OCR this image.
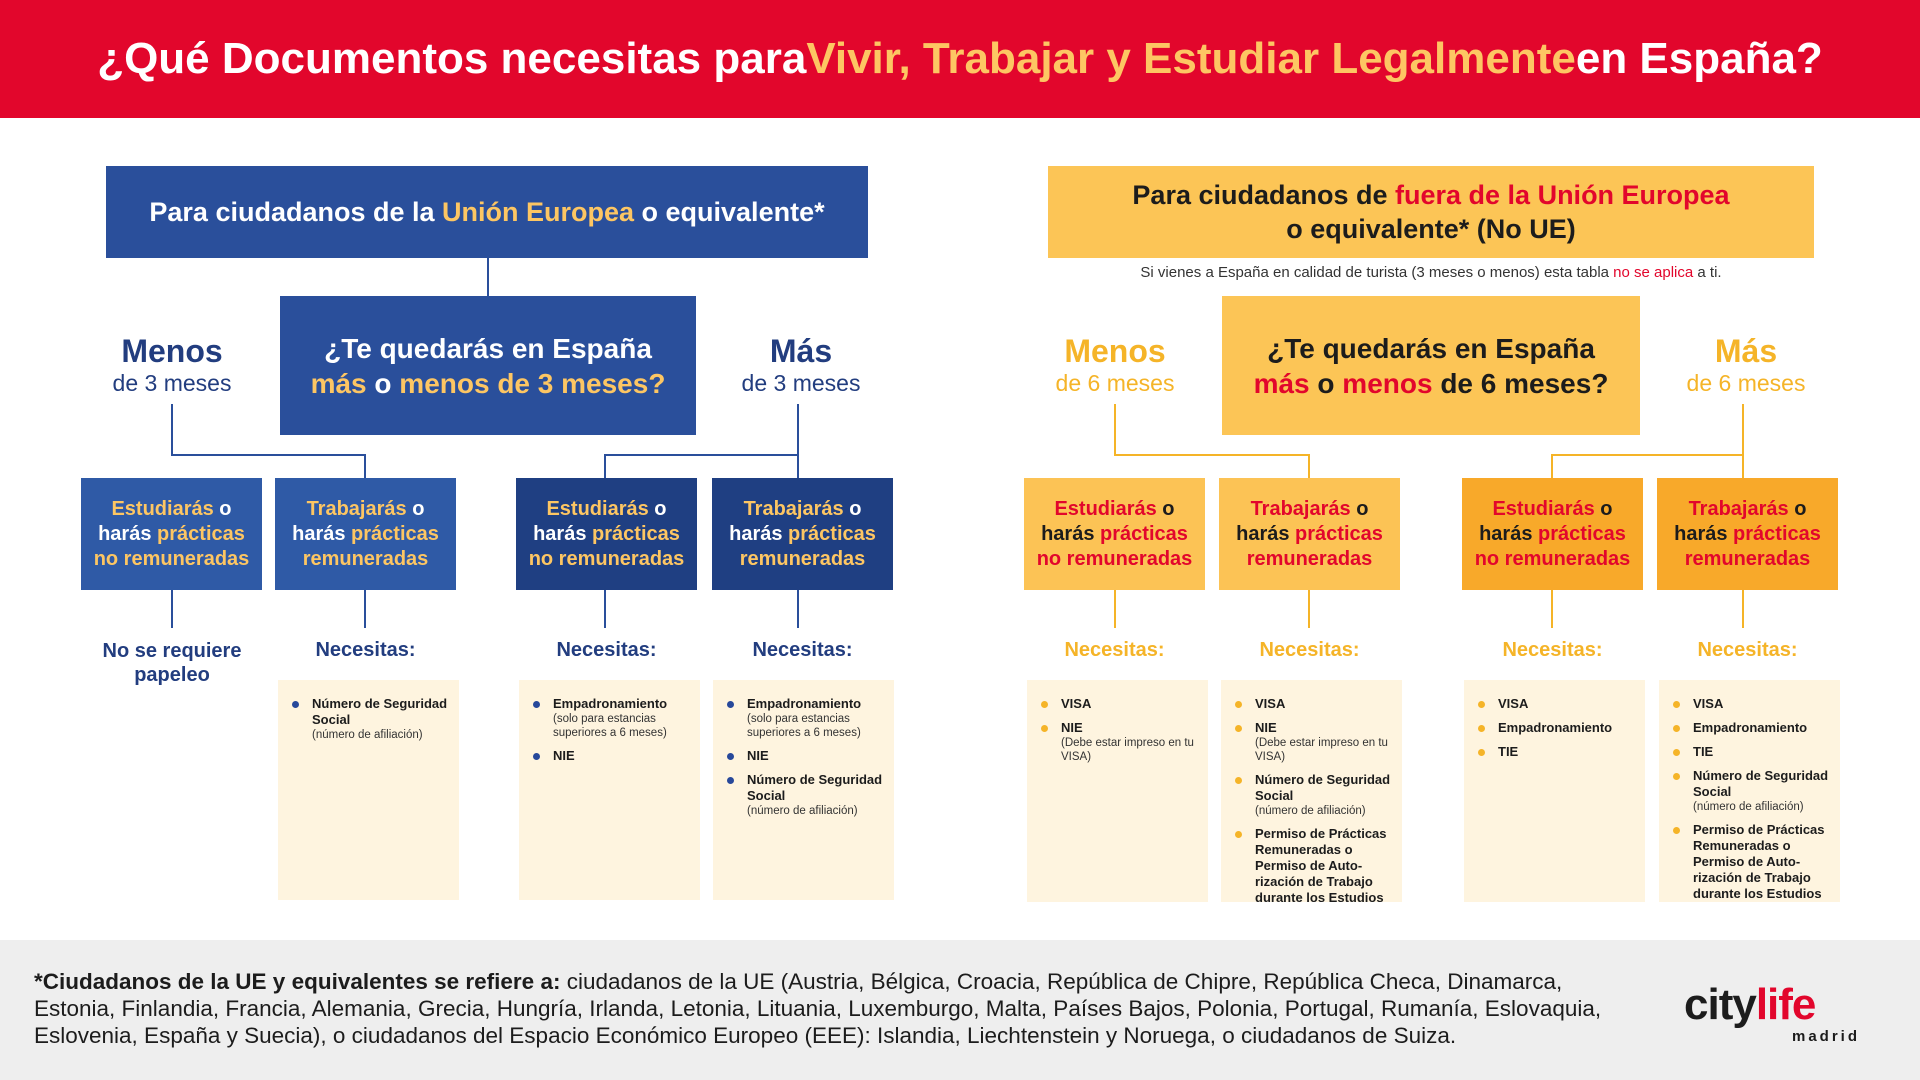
¿Qué Documentos necesitas para Vivir, Trabajar y Estudiar Legalmente en España?
Para ciudadanos de la Unión Europea o equivalente*
¿Te quedarás en España
más o menos de 3 meses?
Menos
de 3 meses
Más
de 3 meses
Estudiarás o
harás prácticas
no remuneradas
Trabajarás o
harás prácticas
remuneradas
Estudiarás o
harás prácticas
no remuneradas
Trabajarás o
harás prácticas
remuneradas
No se requiere papeleo
Necesitas:	Necesitas:	Necesitas:
Número de Seguridad Social
(número de afiliación)
Empadronamiento
(solo para estancias superiores a 6 meses)
NIE
Empadronamiento
(solo para estancias superiores a 6 meses)
NIE
Número de Seguridad Social
(número de afiliación)
Para ciudadanos de fuera de la Unión Europea
o equivalente* (No UE)
Si vienes a España en calidad de turista (3 meses o menos) esta tabla no se aplica a ti.
¿Te quedarás en España
más o menos de 6 meses?
Menos
de 6 meses
Más
de 6 meses
Estudiarás o
harás prácticas
no remuneradas
Trabajarás o
harás prácticas
remuneradas
Estudiarás o
harás prácticas
no remuneradas
Trabajarás o
harás prácticas
remuneradas
Necesitas:	Necesitas:	Necesitas:	Necesitas:
VISA
NIE
(Debe estar impreso en tu VISA)
VISA
NIE
(Debe estar impreso en tu VISA)
Número de Seguridad Social
(número de afiliación)
Permiso de Prácticas Remuneradas o Permiso de Auto-rización de Trabajo durante los Estudios
VISA
Empadronamiento
TIE
VISA
Empadronamiento
TIE
Número de Seguridad Social
(número de afiliación)
Permiso de Prácticas Remuneradas o Permiso de Auto-rización de Trabajo durante los Estudios
*Ciudadanos de la UE y equivalentes se refiere a: ciudadanos de la UE (Austria, Bélgica, Croacia, República de Chipre, República Checa, Dinamarca, Estonia, Finlandia, Francia, Alemania, Grecia, Hungría, Irlanda, Letonia, Lituania, Luxemburgo, Malta, Países Bajos, Polonia, Portugal, Rumanía, Eslovaquia, Eslovenia, España y Suecia), o ciudadanos del Espacio Económico Europeo (EEE): Islandia, Liechtenstein y Noruega, o ciudadanos de Suiza.
citylife
madrid
